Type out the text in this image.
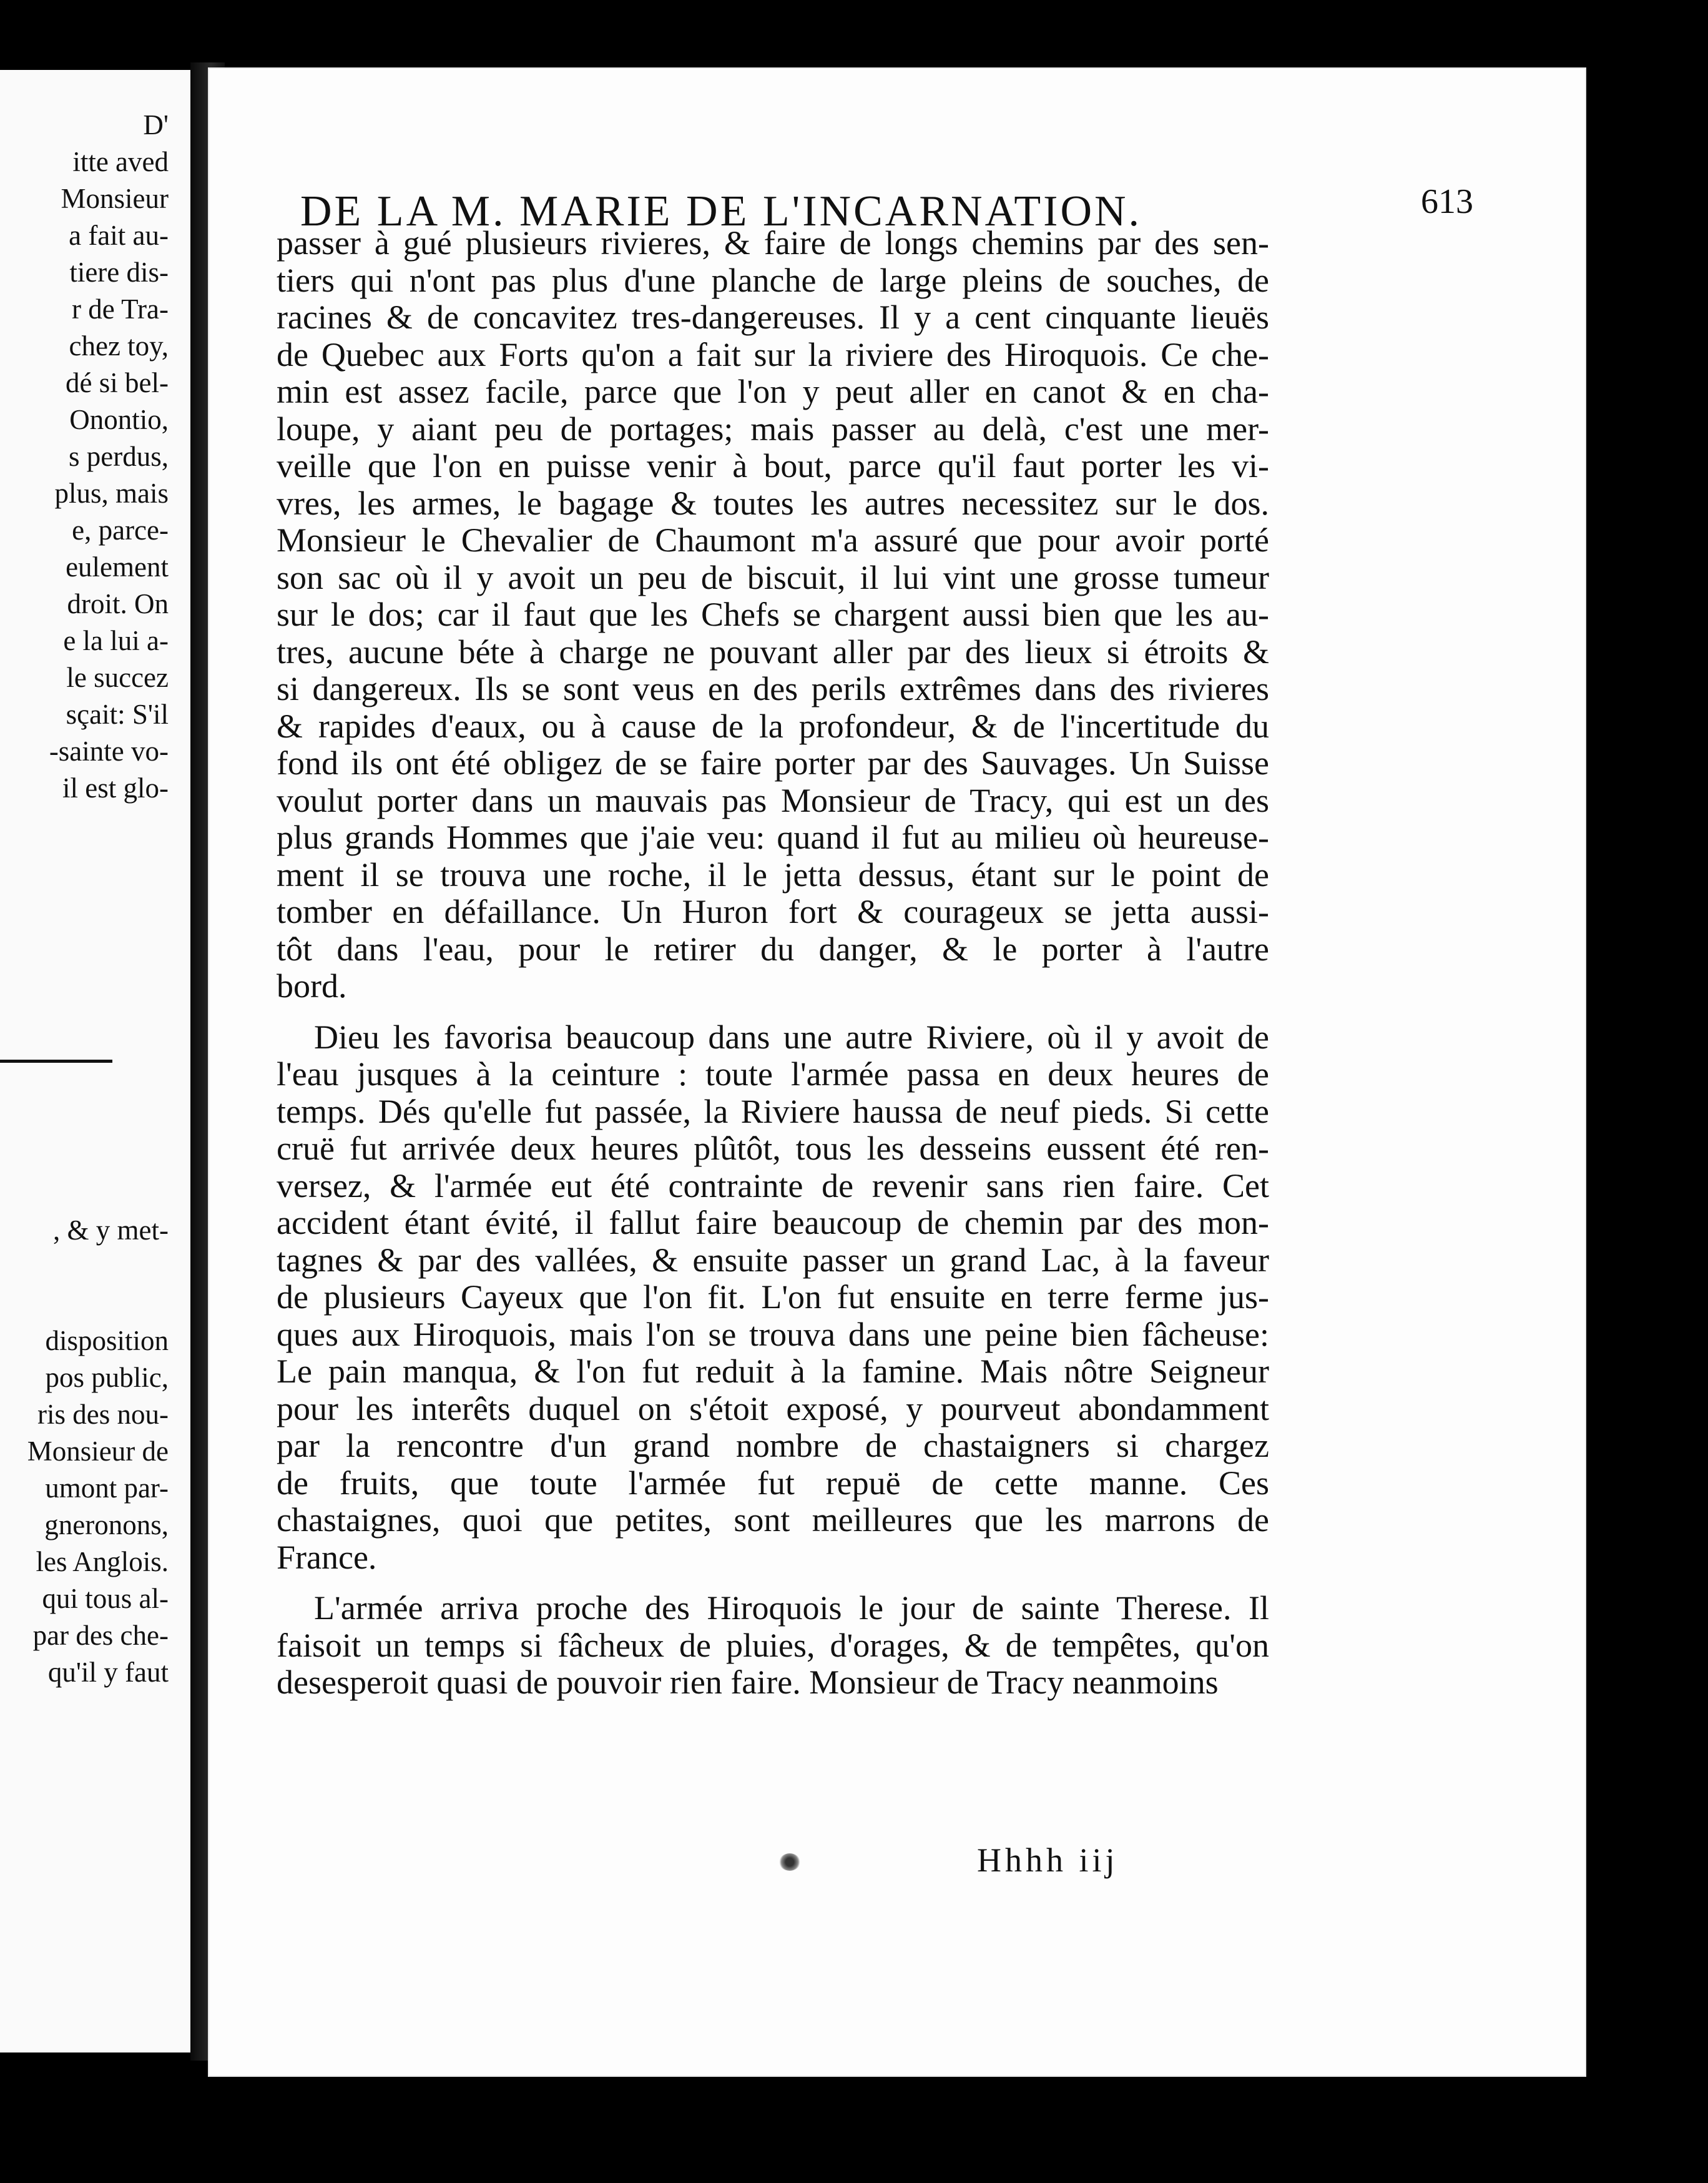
D'
itte aved
Monsieur
a fait au-
tiere dis-
r de Tra-
chez toy,
dé si bel-
Onontio,
s perdus,
plus, mais
e, parce-
eulement
droit. On
e la lui a-
le succez
sçait: S'il
-sainte vo-
il est glo-
, & y met-
disposition
pos public,
ris des nou-
Monsieur de
umont par-
gneronons,
les Anglois.
qui tous al-
par des che-
qu'il y faut
DE LA M. MARIE DE L'INCARNATION.	613
passer à gué plusieurs rivieres, & faire de longs chemins par des sen-
tiers qui n'ont pas plus d'une planche de large pleins de souches, de
racines & de concavitez tres-dangereuses. Il y a cent cinquante lieuës
de Quebec aux Forts qu'on a fait sur la riviere des Hiroquois. Ce che-
min est assez facile, parce que l'on y peut aller en canot & en cha-
loupe, y aiant peu de portages; mais passer au delà, c'est une mer-
veille que l'on en puisse venir à bout, parce qu'il faut porter les vi-
vres, les armes, le bagage & toutes les autres necessitez sur le dos.
Monsieur le Chevalier de Chaumont m'a assuré que pour avoir porté
son sac où il y avoit un peu de biscuit, il lui vint une grosse tumeur
sur le dos; car il faut que les Chefs se chargent aussi bien que les au-
tres, aucune béte à charge ne pouvant aller par des lieux si étroits &
si dangereux. Ils se sont veus en des perils extrêmes dans des rivieres
& rapides d'eaux, ou à cause de la profondeur, & de l'incertitude du
fond ils ont été obligez de se faire porter par des Sauvages. Un Suisse
voulut porter dans un mauvais pas Monsieur de Tracy, qui est un des
plus grands Hommes que j'aie veu: quand il fut au milieu où heureuse-
ment il se trouva une roche, il le jetta dessus, étant sur le point de
tomber en défaillance. Un Huron fort & courageux se jetta aussi-
tôt dans l'eau, pour le retirer du danger, & le porter à l'autre
bord.
Dieu les favorisa beaucoup dans une autre Riviere, où il y avoit de
l'eau jusques à la ceinture : toute l'armée passa en deux heures de
temps. Dés qu'elle fut passée, la Riviere haussa de neuf pieds. Si cette
cruë fut arrivée deux heures plûtôt, tous les desseins eussent été ren-
versez, & l'armée eut été contrainte de revenir sans rien faire. Cet
accident étant évité, il fallut faire beaucoup de chemin par des mon-
tagnes & par des vallées, & ensuite passer un grand Lac, à la faveur
de plusieurs Cayeux que l'on fit. L'on fut ensuite en terre ferme jus-
ques aux Hiroquois, mais l'on se trouva dans une peine bien fâcheuse:
Le pain manqua, & l'on fut reduit à la famine. Mais nôtre Seigneur
pour les interêts duquel on s'étoit exposé, y pourveut abondamment
par la rencontre d'un grand nombre de chastaigners si chargez
de fruits, que toute l'armée fut repuë de cette manne. Ces
chastaignes, quoi que petites, sont meilleures que les marrons de
France.
L'armée arriva proche des Hiroquois le jour de sainte Therese. Il
faisoit un temps si fâcheux de pluies, d'orages, & de tempêtes, qu'on
desesperoit quasi de pouvoir rien faire. Monsieur de Tracy neanmoins
Hhhh iij
